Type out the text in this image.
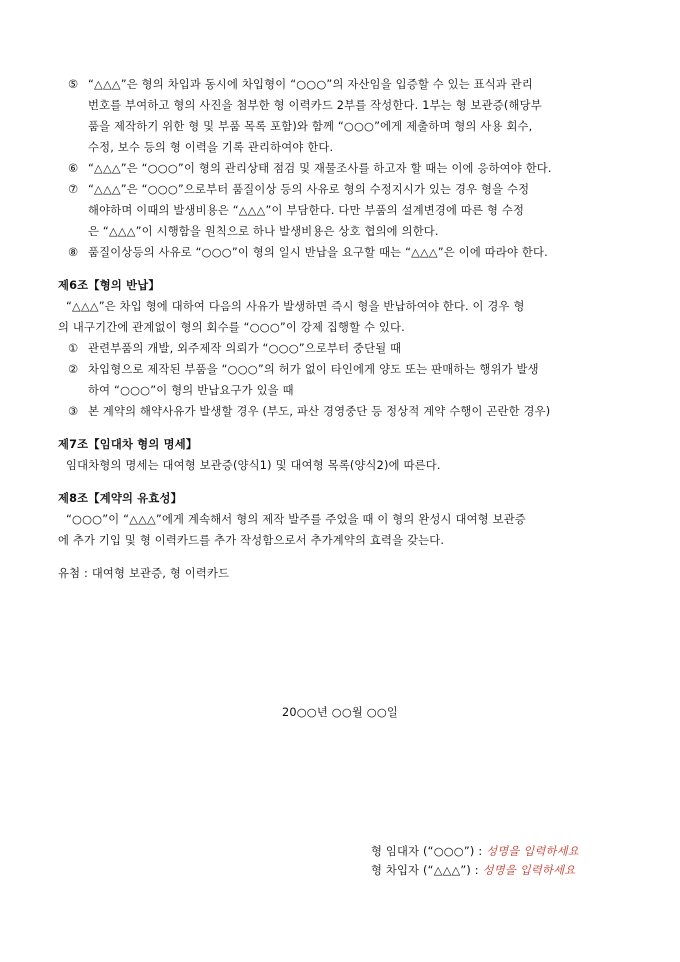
⑤ “△△△”은 형의 차입과 동시에 차입형이 “○○○”의 자산임을 입증할 수 있는 표식과 관리
번호를 부여하고 형의 사진을 첨부한 형 이력카드 2부를 작성한다. 1부는 형 보관증(해당부
품을 제작하기 위한 형 및 부품 목록 포함)와 함께 “○○○”에게 제출하며 형의 사용 회수,
수정, 보수 등의 형 이력을 기록 관리하여야 한다.
⑥ “△△△”은 “○○○”이 형의 관리상태 점검 및 재물조사를 하고자 할 때는 이에 응하여야 한다.
⑦ “△△△”은 “○○○”으로부터 품질이상 등의 사유로 형의 수정지시가 있는 경우 형을 수정
해야하며 이때의 발생비용은 “△△△”이 부담한다. 다만 부품의 설계변경에 따른 형 수정
은 “△△△”이 시행함을 원칙으로 하나 발생비용은 상호 협의에 의한다.
⑧ 품질이상등의 사유로 “○○○”이 형의 일시 반납을 요구할 때는 “△△△”은 이에 따라야 한다.
제6조【형의 반납】
“△△△”은 차입 형에 대하여 다음의 사유가 발생하면 즉시 형을 반납하여야 한다. 이 경우 형
의 내구기간에 관계없이 형의 회수를 “○○○”이 강제 집행할 수 있다.
① 관련부품의 개발, 외주제작 의뢰가 “○○○”으로부터 중단될 때
② 차입형으로 제작된 부품을 “○○○”의 허가 없이 타인에게 양도 또는 판매하는 행위가 발생
하여 “○○○”이 형의 반납요구가 있을 때
③ 본 계약의 해약사유가 발생할 경우 (부도, 파산 경영중단 등 정상적 계약 수행이 곤란한 경우)
제7조【임대차 형의 명세】
임대차형의 명세는 대여형 보관증(양식1) 및 대여형 목록(양식2)에 따른다.
제8조【계약의 유효성】
“○○○”이 “△△△”에게 계속해서 형의 제작 발주를 주었을 때 이 형의 완성시 대여형 보관증
에 추가 기입 및 형 이력카드를 추가 작성함으로서 추가계약의 효력을 갖는다.
유첨 : 대여형 보관증, 형 이력카드
20○○년 ○○월 ○○일
형 임대자 (“○○○”) : 성명을 입력하세요
형 차입자 (“△△△”) : 성명을 입력하세요
